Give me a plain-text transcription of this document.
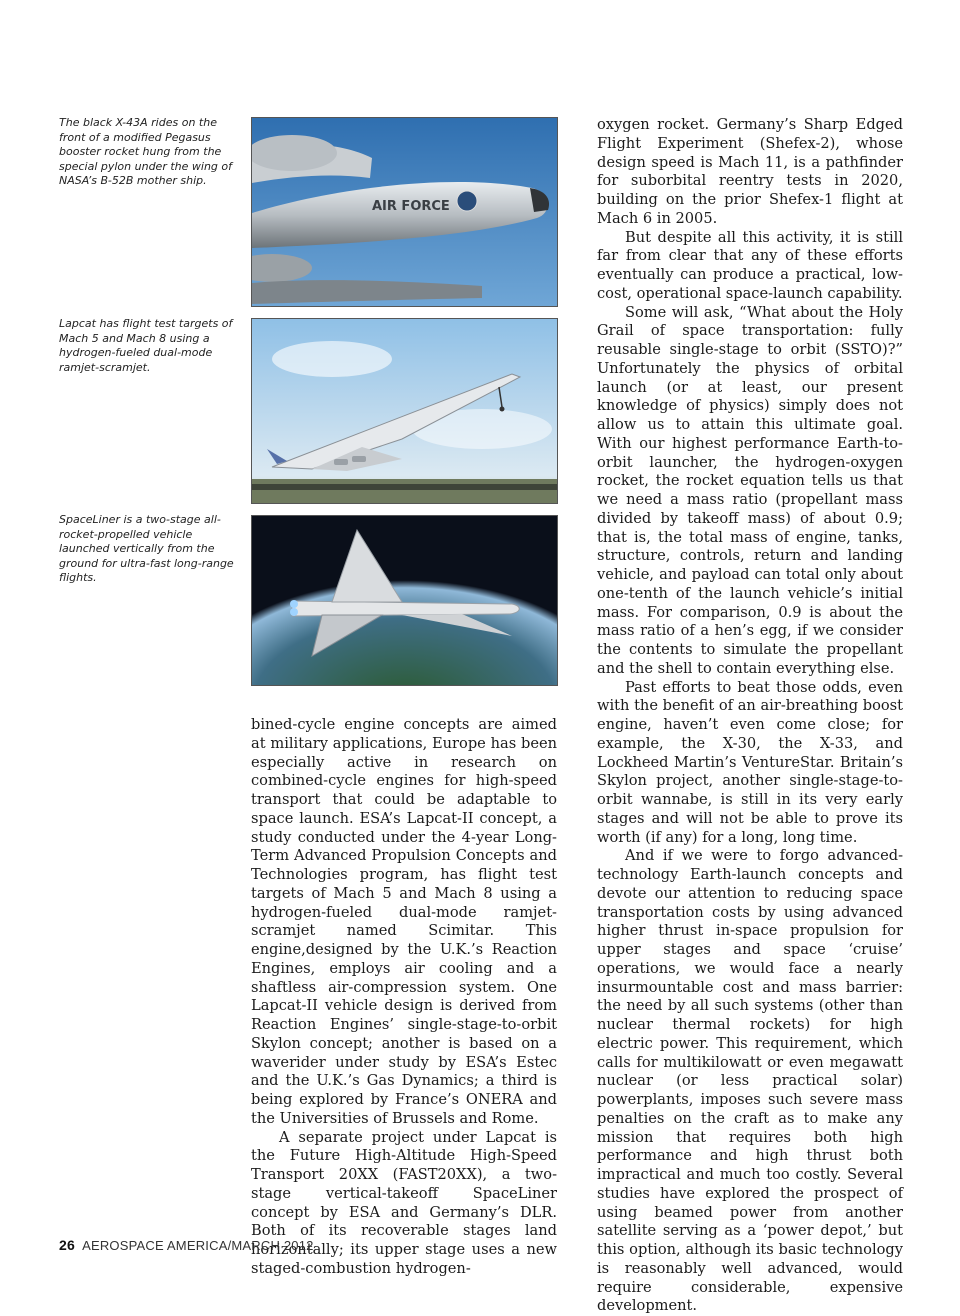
The black X-43A rides on the front of a modified Pegasus booster rocket hung from the special pylon under the wing of NASA’s B-52B mother ship.
Lapcat has flight test targets of Mach 5 and Mach 8 using a hydrogen-fueled dual-mode ramjet-scramjet.
SpaceLiner is a two-stage all-rocket-propelled vehicle launched vertically from the ground for ultra-fast long-range flights.
AIR FORCE

bined-cycle engine concepts are aimed at military applications, Europe has been especially active in research on combined-cycle engines for high-speed transport that could be adaptable to space launch. ESA’s Lapcat-II concept, a study conducted under the 4-year Long-Term Advanced Propulsion Concepts and Technologies program, has flight test targets of Mach 5 and Mach 8 using a hydrogen-fueled dual-mode ramjet-scramjet named Scimitar. This engine,designed by the U.K.’s Reaction Engines, employs air cooling and a shaftless air-compression system. One Lapcat-II vehicle design is derived from Reaction Engines’ single-stage-to-orbit Skylon concept; another is based on a waverider under study by ESA’s Estec and the U.K.’s Gas Dynamics; a third is being explored by France’s ONERA and the Universities of Brussels and Rome.

A separate project under Lapcat is the Future High-Altitude High-Speed Transport 20XX (FAST20XX), a two-stage vertical-takeoff SpaceLiner concept by ESA and Germany’s DLR. Both of its recoverable stages land horizontally; its upper stage uses a new staged-combustion hydrogen-

oxygen rocket. Germany’s Sharp Edged Flight Experiment (Shefex-2), whose design speed is Mach 11, is a pathfinder for suborbital reentry tests in 2020, building on the prior Shefex-1 flight at Mach 6 in 2005.

But despite all this activity, it is still far from clear that any of these efforts eventually can produce a practical, low-cost, operational space-launch capability.

Some will ask, “What about the Holy Grail of space transportation: fully reusable single-stage to orbit (SSTO)?” Unfortunately the physics of orbital launch (or at least, our present knowledge of physics) simply does not allow us to attain this ultimate goal. With our highest performance Earth-to-orbit launcher, the hydrogen-oxygen rocket, the rocket equation tells us that we need a mass ratio (propellant mass divided by takeoff mass) of about 0.9; that is, the total mass of engine, tanks, structure, controls, return and landing vehicle, and payload can total only about one-tenth of the launch vehicle’s initial mass. For comparison, 0.9 is about the mass ratio of a hen’s egg, if we consider the contents to simulate the propellant and the shell to contain everything else.

Past efforts to beat those odds, even with the benefit of an air-breathing boost engine, haven’t even come close; for example, the X-30, the X-33, and Lockheed Martin’s VentureStar. Britain’s Skylon project, another single-stage-to-orbit wannabe, is still in its very early stages and will not be able to prove its worth (if any) for a long, long time.

And if we were to forgo advanced-technology Earth-launch concepts and devote our attention to reducing space transportation costs by using advanced higher thrust in-space propulsion for upper stages and space ‘cruise’ operations, we would face a nearly insurmountable cost and mass barrier: the need by all such systems (other than nuclear thermal rockets) for high electric power. This requirement, which calls for multikilowatt or even megawatt nuclear (or less practical solar) powerplants, imposes such severe mass penalties on the craft as to make any mission that requires both high performance and high thrust both impractical and much too costly. Several studies have explored the prospect of using beamed power from another satellite serving as a ‘power depot,’ but this option, although its basic technology is reasonably well advanced, would require considerable, expensive development.

26 AEROSPACE AMERICA/MARCH 2012
